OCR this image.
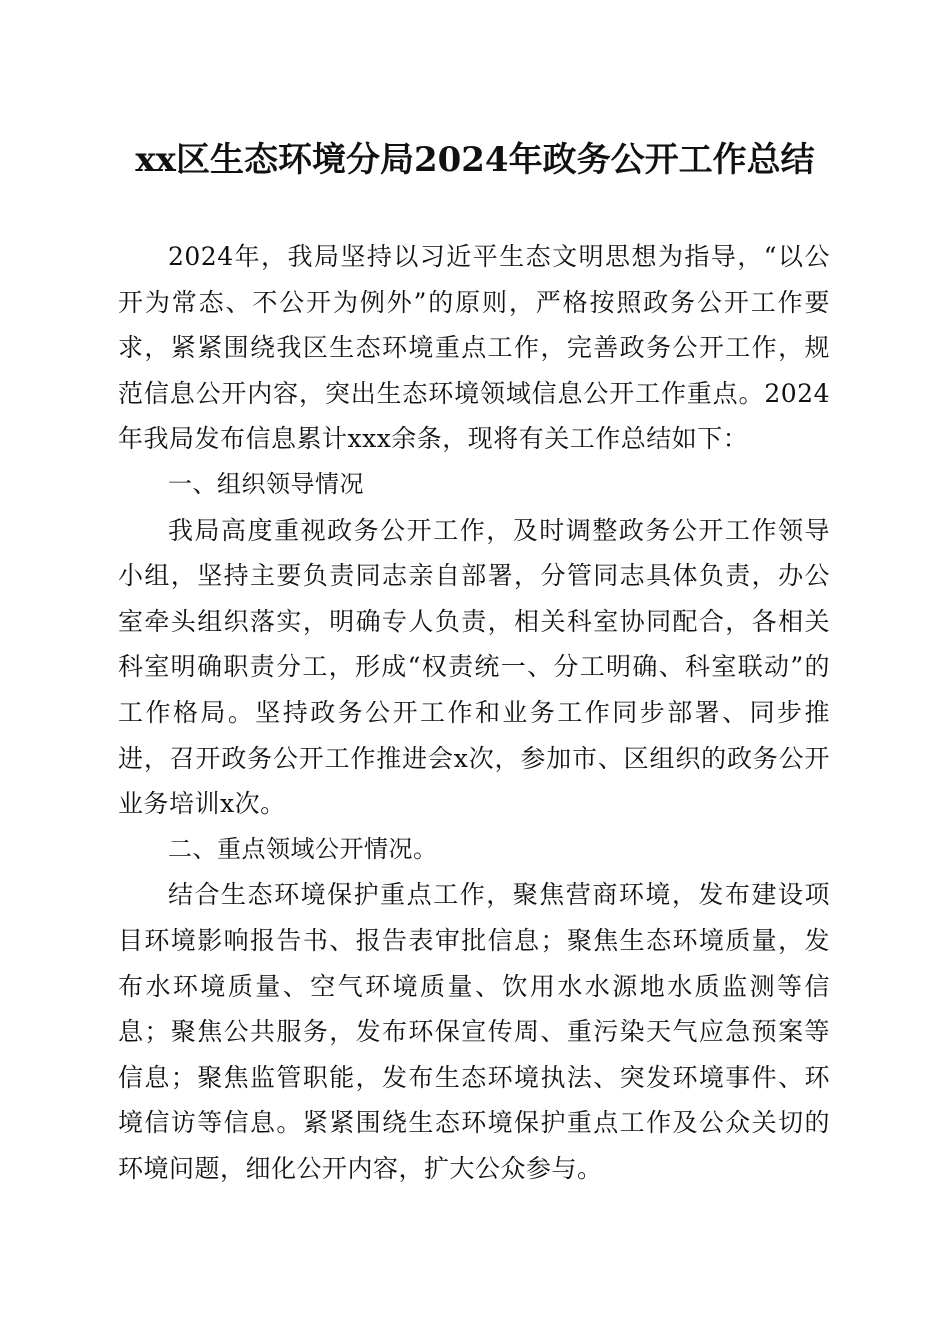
xx区生态环境分局2024年政务公开工作总结

2024年，我局坚持以习近平生态文明思想为指导，“以公开为常态、不公开为例外”的原则，严格按照政务公开工作要求，紧紧围绕我区生态环境重点工作，完善政务公开工作，规范信息公开内容，突出生态环境领域信息公开工作重点。2024年我局发布信息累计xxx余条，现将有关工作总结如下：

一、组织领导情况

我局高度重视政务公开工作，及时调整政务公开工作领导小组，坚持主要负责同志亲自部署，分管同志具体负责，办公室牵头组织落实，明确专人负责，相关科室协同配合，各相关科室明确职责分工，形成“权责统一、分工明确、科室联动”的工作格局。坚持政务公开工作和业务工作同步部署、同步推进，召开政务公开工作推进会x次，参加市、区组织的政务公开业务培训x次。

二、重点领域公开情况。

结合生态环境保护重点工作，聚焦营商环境，发布建设项目环境影响报告书、报告表审批信息；聚焦生态环境质量，发布水环境质量、空气环境质量、饮用水水源地水质监测等信息；聚焦公共服务，发布环保宣传周、重污染天气应急预案等信息；聚焦监管职能，发布生态环境执法、突发环境事件、环境信访等信息。紧紧围绕生态环境保护重点工作及公众关切的环境问题，细化公开内容，扩大公众参与。
